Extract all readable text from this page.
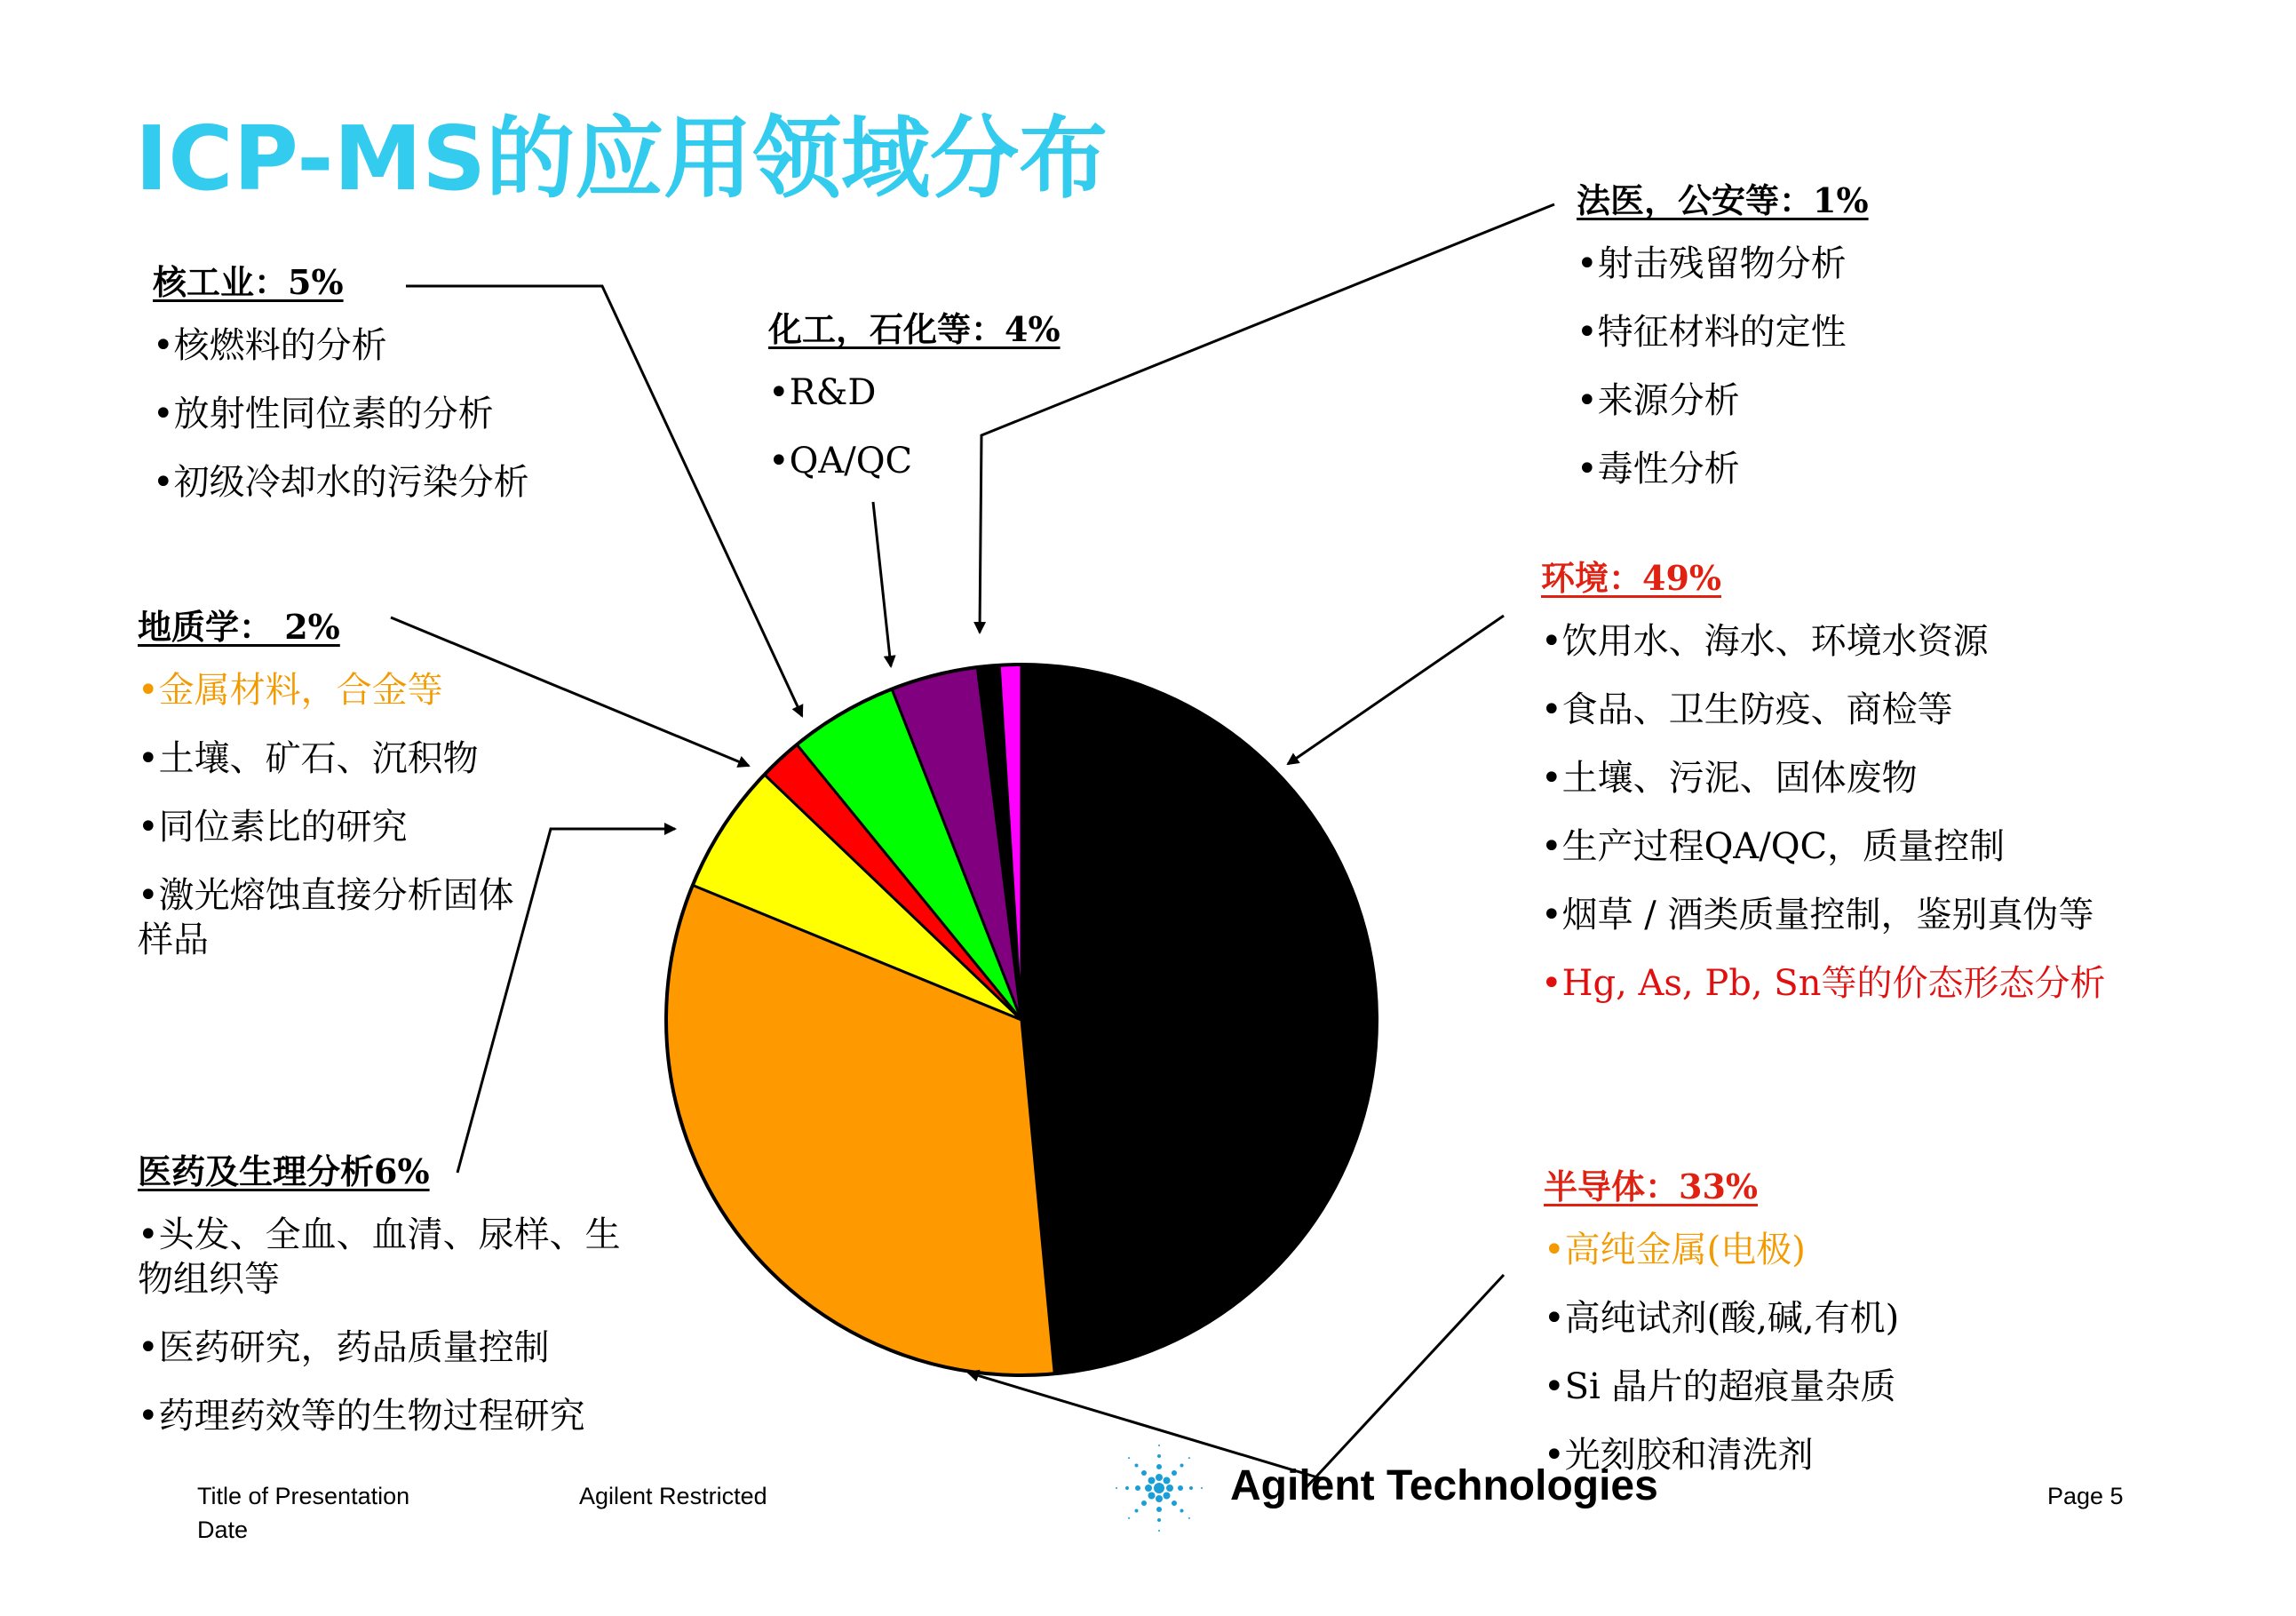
ICP-MS的应用领域分布
核工业：5%
•核燃料的分析
•放射性同位素的分析
•初级冷却水的污染分析
化工，石化等：4%
•R&D
•QA/QC
法医，公安等：1%
•射击残留物分析
•特征材料的定性
•来源分析
•毒性分析
地质学： 2%
•金属材料，合金等
•土壤、矿石、沉积物
•同位素比的研究
•激光熔蚀直接分析固体样品
环境：49%
•饮用水、海水、环境水资源
•食品、卫生防疫、商检等
•土壤、污泥、固体废物
•生产过程QA/QC，质量控制
•烟草 / 酒类质量控制，鉴别真伪等
•Hg, As, Pb, Sn等的价态形态分析
医药及生理分析6%
•头发、全血、血清、尿样、生物组织等
•医药研究，药品质量控制
•药理药效等的生物过程研究
半导体：33%
•高纯金属(电极)
•高纯试剂(酸,碱,有机)
•Si 晶片的超痕量杂质
•光刻胶和清洗剂
Title of Presentation
Date
Agilent Restricted	Agilent Technologies	Page 5
